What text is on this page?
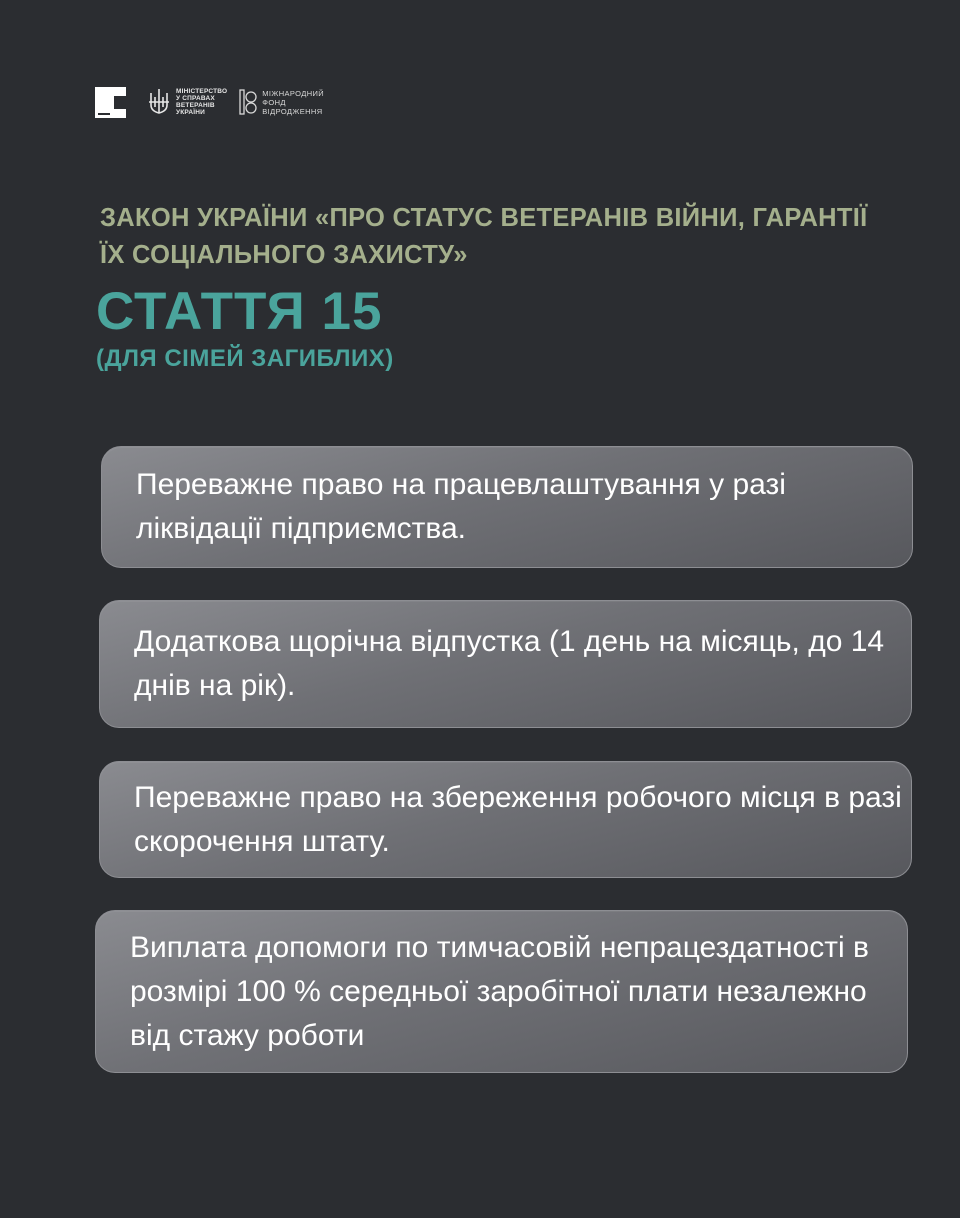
МІНІСТЕРСТВО
У СПРАВАХ
ВЕТЕРАНІВ
УКРАЇНИ
МІЖНАРОДНИЙ
ФОНД
ВІДРОДЖЕННЯ
ЗАКОН УКРАЇНИ «ПРО СТАТУС ВЕТЕРАНІВ ВІЙНИ, ГАРАНТІЇ ЇХ СОЦІАЛЬНОГО ЗАХИСТУ»
СТАТТЯ 15
(ДЛЯ СІМЕЙ ЗАГИБЛИХ)

Переважне право на працевлаштування у разі ліквідації підприємства.

Додаткова щорічна відпустка (1 день на місяць, до 14 днів на рік).

Переважне право на збереження робочого місця в разі скорочення штату.

Виплата допомоги по тимчасовій непрацездатності в розмірі 100 % середньої заробітної плати незалежно від стажу роботи
